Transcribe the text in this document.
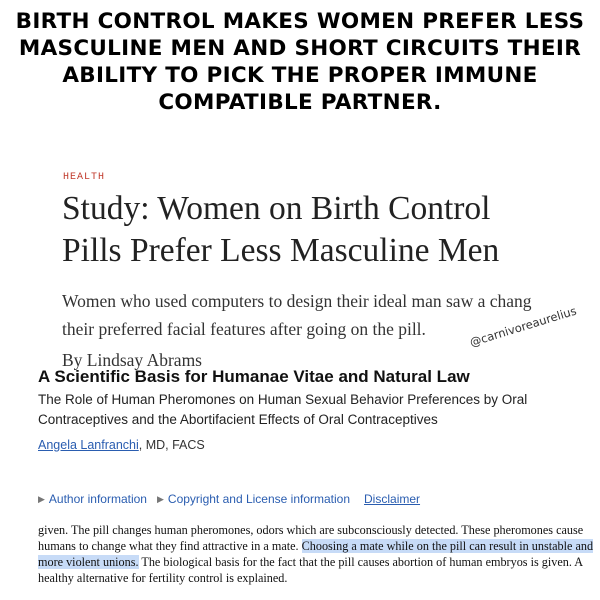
BIRTH CONTROL MAKES WOMEN PREFER LESS
MASCULINE MEN AND SHORT CIRCUITS THEIR
ABILITY TO PICK THE PROPER IMMUNE
COMPATIBLE PARTNER.
HEALTH
Study: Women on Birth Control
Pills Prefer Less Masculine Men
Women who used computers to design their ideal man saw a chang
their preferred facial features after going on the pill.
By Lindsay Abrams
@carnivoreaurelius
A Scientific Basis for Humanae Vitae and Natural Law
The Role of Human Pheromones on Human Sexual Behavior Preferences by Oral
Contraceptives and the Abortifacient Effects of Oral Contraceptives
Angela Lanfranchi, MD, FACS
▶ Author information ▶ Copyright and License information Disclaimer
given. The pill changes human pheromones, odors which are subconsciously detected. These pheromones cause humans to change what they find attractive in a mate. Choosing a mate while on the pill can result in unstable and more violent unions. The biological basis for the fact that the pill causes abortion of human embryos is given. A healthy alternative for fertility control is explained.
